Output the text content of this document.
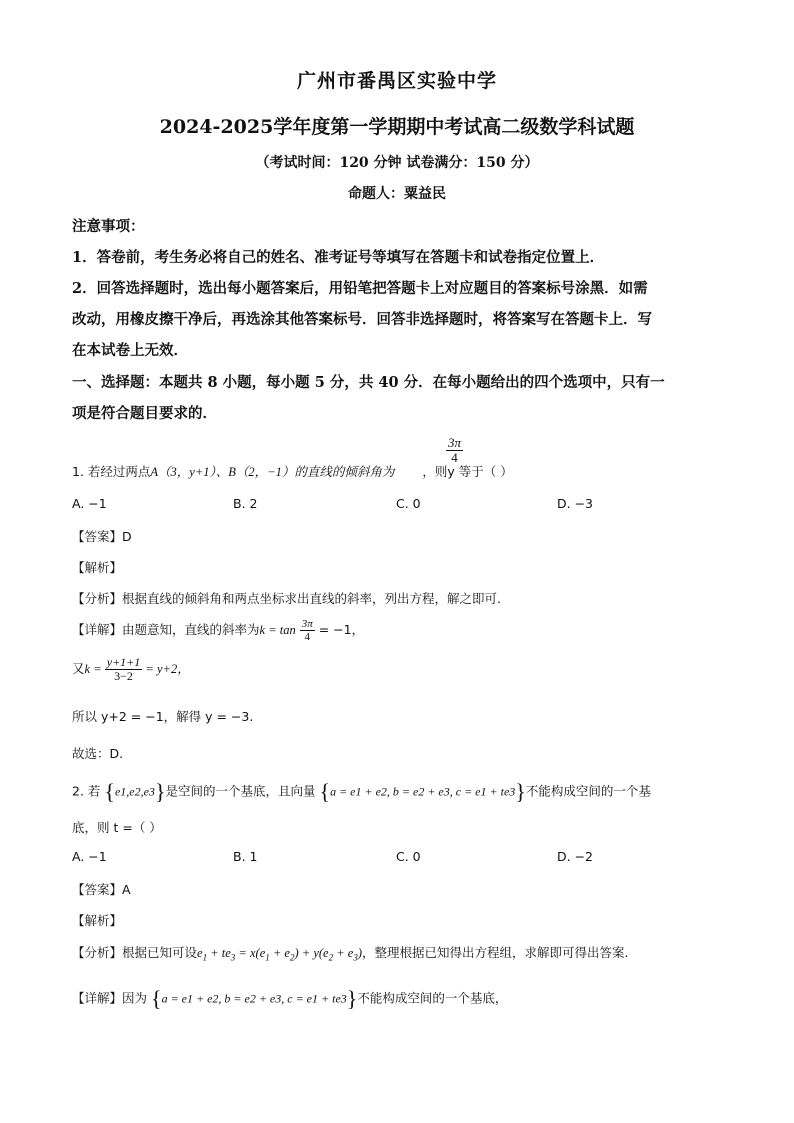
广州市番禺区实验中学
2024-2025学年度第一学期期中考试高二级数学科试题
（考试时间：120 分钟 试卷满分：150 分）
命题人：粟益民
注意事项：
1．答卷前，考生务必将自己的姓名、准考证号等填写在答题卡和试卷指定位置上．
2．回答选择题时，选出每小题答案后，用铅笔把答题卡上对应题目的答案标号涂黑．如需
改动，用橡皮擦干净后，再选涂其他答案标号．回答非选择题时，将答案写在答题卡上．写
在本试卷上无效．
一、选择题：本题共 8 小题，每小题 5 分，共 40 分．在每小题给出的四个选项中，只有一
项是符合题目要求的．
$\frac{3\pi}{4}$
1. 若经过两点A（3，y+1）、B（2，−1）的直线的倾斜角为 ，则y 等于（ ）
A. −1	B. 2	C. 0	D. −3
【答案】D
【解析】
【分析】根据直线的倾斜角和两点坐标求出直线的斜率，列出方程，解之即可.
【详解】由题意知，直线的斜率为$k = \tan \frac{3\pi}{4} = -1$，
又$k = \frac{y+1+1}{3-2} = y+2$，
所以 y+2 = −1，解得 y = −3.
故选：D.
2. 若 {e1,e2,e3}是空间的一个基底，且向量 {a = e1 + e2, b = e2 + e3, c = e1 + te3}不能构成空间的一个基
底，则 t =（ ）
A. −1	B. 1	C. 0	D. −2
【答案】A
【解析】
【分析】根据已知可设$e_1 + te_3 = x(e_1 + e_2) + y(e_2 + e_3)$，整理根据已知得出方程组，求解即可得出答案.
【详解】因为 {a = e1 + e2, b = e2 + e3, c = e1 + te3}不能构成空间的一个基底，
